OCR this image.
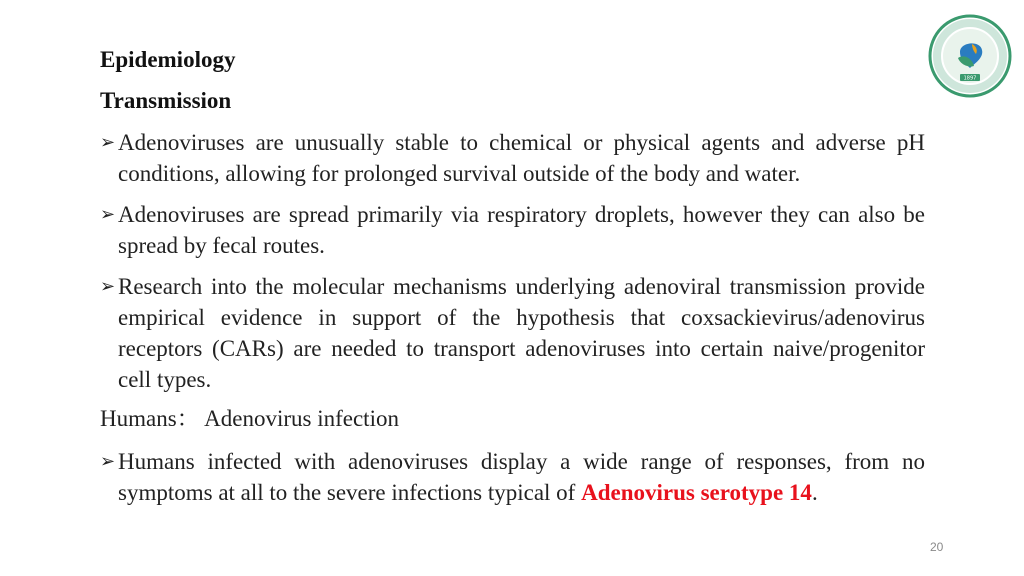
Epidemiology
Transmission
➢ Adenoviruses are unusually stable to chemical or physical agents and adverse pH conditions, allowing for prolonged survival outside of the body and water.
➢ Adenoviruses are spread primarily via respiratory droplets, however they can also be spread by fecal routes.
➢ Research into the molecular mechanisms underlying adenoviral transmission provide empirical evidence in support of the hypothesis that coxsackievirus/adenovirus receptors (CARs) are needed to transport adenoviruses into certain naive/progenitor cell types.
Humans： Adenovirus infection
➢ Humans infected with adenoviruses display a wide range of responses, from no symptoms at all to the severe infections typical of Adenovirus serotype 14.
20
1897
